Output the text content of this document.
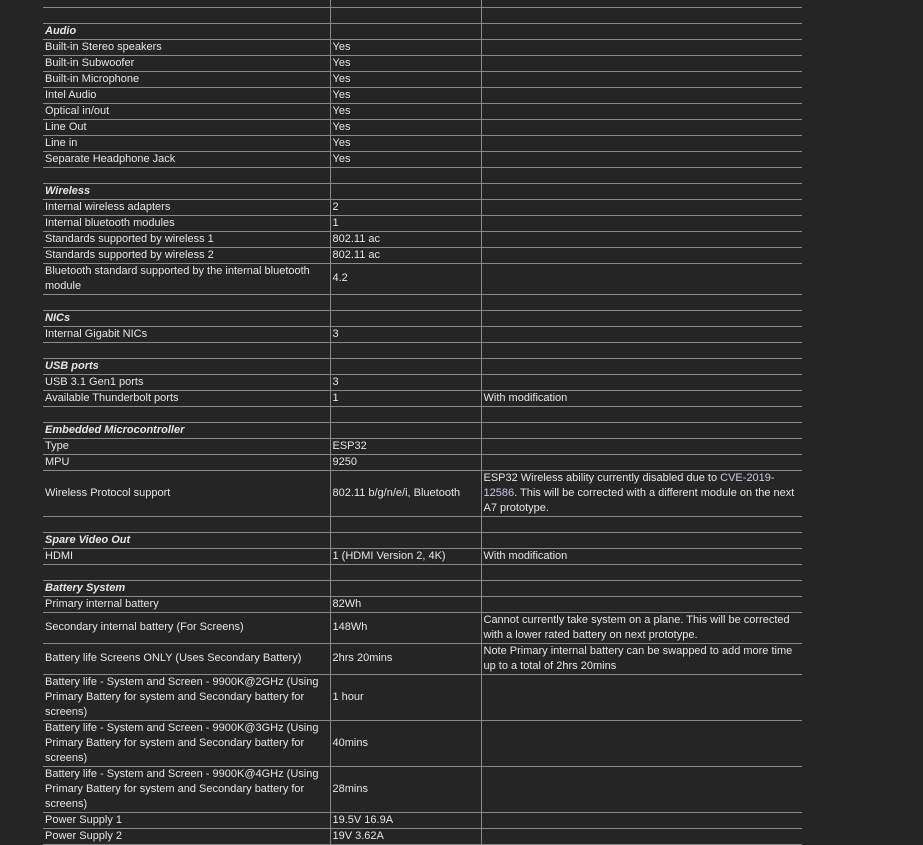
Audio		
Built-in Stereo speakers	Yes	
Built-in Subwoofer	Yes	
Built-in Microphone	Yes	
Intel Audio	Yes	
Optical in/out	Yes	
Line Out	Yes	
Line in	Yes	
Separate Headphone Jack	Yes	

Wireless		
Internal wireless adapters	2	
Internal bluetooth modules	1	
Standards supported by wireless 1	802.11 ac	
Standards supported by wireless 2	802.11 ac	
Bluetooth standard supported by the internal bluetooth module	4.2	

NICs		
Internal Gigabit NICs	3	

USB ports		
USB 3.1 Gen1 ports	3	
Available Thunderbolt ports	1	With modification

Embedded Microcontroller		
Type	ESP32	
MPU	9250	
Wireless Protocol support	802.11 b/g/n/e/i, Bluetooth	ESP32 Wireless ability currently disabled due to CVE-2019-12586. This will be corrected with a different module on the next A7 prototype.

Spare Video Out		
HDMI	1 (HDMI Version 2, 4K)	With modification

Battery System		
Primary internal battery	82Wh	
Secondary internal battery (For Screens)	148Wh	Cannot currently take system on a plane. This will be corrected with a lower rated battery on next prototype.
Battery life Screens ONLY (Uses Secondary Battery)	2hrs 20mins	Note Primary internal battery can be swapped to add more time up to a total of 2hrs 20mins
Battery life - System and Screen - 9900K@2GHz (Using Primary Battery for system and Secondary battery for screens)	1 hour	
Battery life - System and Screen - 9900K@3GHz (Using Primary Battery for system and Secondary battery for screens)	40mins	
Battery life - System and Screen - 9900K@4GHz (Using Primary Battery for system and Secondary battery for screens)	28mins	
Power Supply 1	19.5V 16.9A	
Power Supply 2	19V 3.62A	
